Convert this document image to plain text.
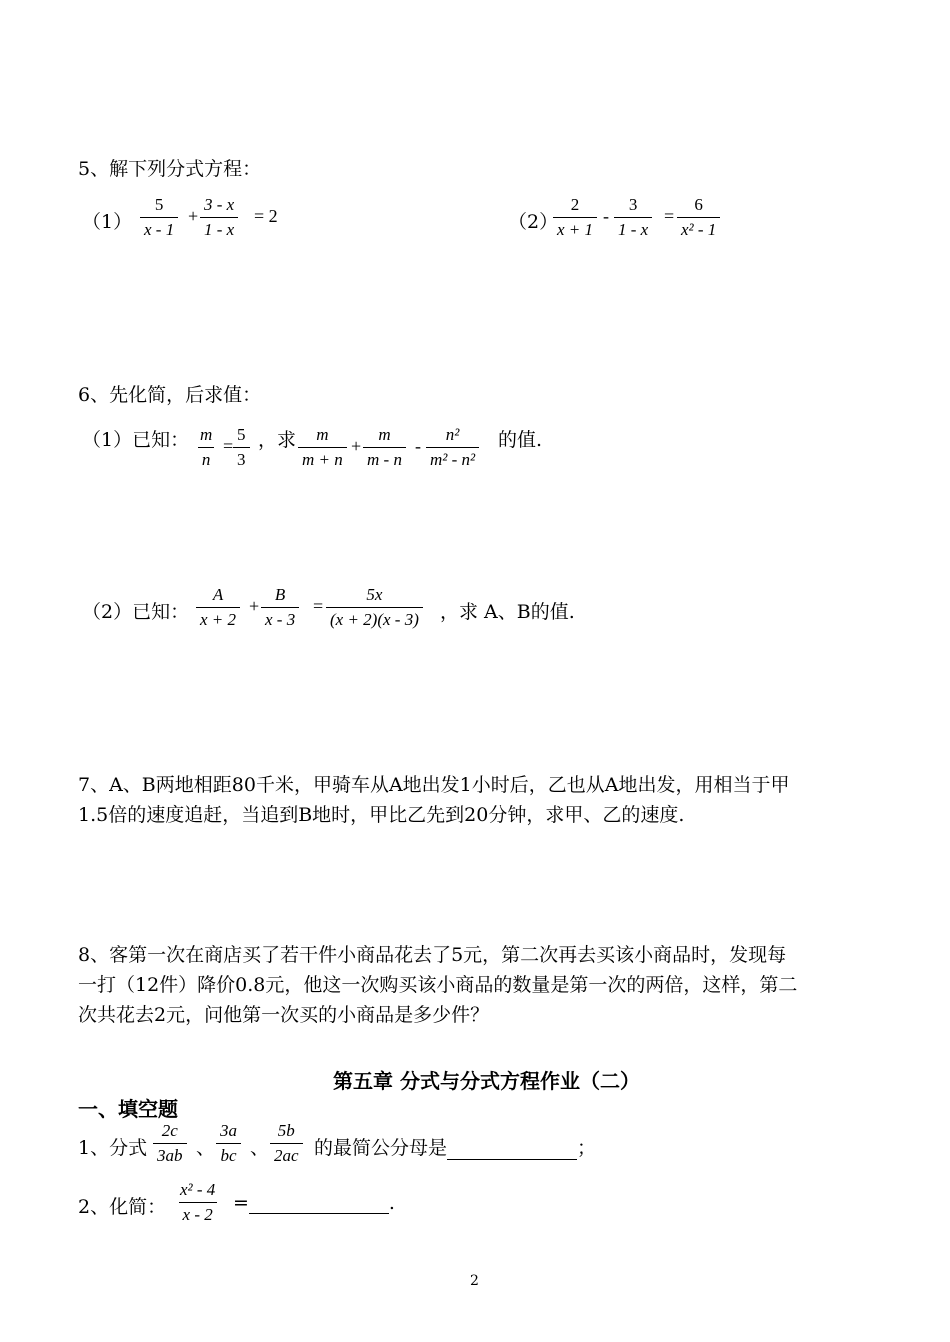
5、解下列分式方程：
$(1) \frac{5}{x - 1} + \frac{3 - x}{1 - x} = 2$	（2）
$\frac{2}{x + 1} - \frac{3}{1 - x} = \frac{6}{\text{x² - 1}}$
6、先化简，后求值：
（1）已知： $\frac{m}{n} = \frac{5}{3}$ ，求 $\frac{m}{m + n} + \frac{m}{m - n} - \frac{\text{n²}}{\text{m² - n²}}$ 的值.
（2）已知： $\frac{A}{x + 2} + \frac{B}{x - 3} = \frac{5x}{(x + 2)(x - 3)}$ ，求 A、B的值.
7、A、B两地相距80千米，甲骑车从A地出发1小时后，乙也从A地出发，用相当于甲
1.5倍的速度追赶，当追到B地时，甲比乙先到20分钟，求甲、乙的速度.
8、客第一次在商店买了若干件小商品花去了5元，第二次再去买该小商品时，发现每
一打（12件）降价0.8元，他这一次购买该小商品的数量是第一次的两倍，这样，第二
次共花去2元，问他第一次买的小商品是多少件？
第五章 分式与分式方程作业（二）
一、填空题
1、分式 $\frac{2c}{3ab}$ 、 $\frac{3a}{bc}$ 、 $\frac{5b}{2ac}$ 的最简公分母是	；
2、化简： $\frac{\text{x² - 4}}{x - 2}$ =	.
2
